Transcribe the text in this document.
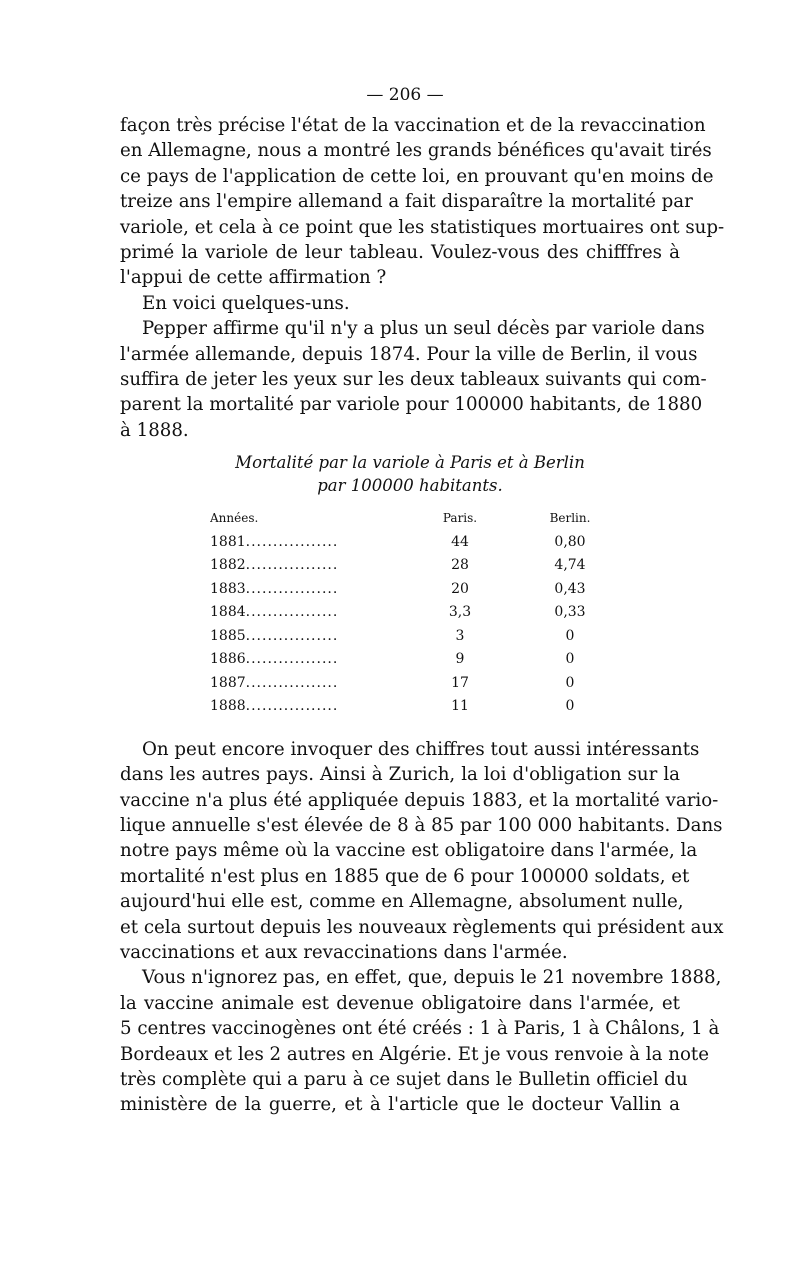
— 206 —

façon très précise l'état de la vaccination et de la revaccination
en Allemagne, nous a montré les grands bénéfices qu'avait tirés
ce pays de l'application de cette loi, en prouvant qu'en moins de
treize ans l'empire allemand a fait disparaître la mortalité par
variole, et cela à ce point que les statistiques mortuaires ont sup-
primé la variole de leur tableau. Voulez-vous des chifffres à
l'appui de cette affirmation ?

En voici quelques-uns.

Pepper affirme qu'il n'y a plus un seul décès par variole dans
l'armée allemande, depuis 1874. Pour la ville de Berlin, il vous
suffira de jeter les yeux sur les deux tableaux suivants qui com-
parent la mortalité par variole pour 100000 habitants, de 1880
à 1888.

Mortalité par la variole à Paris et à Berlin
par 100000 habitants.
Années.	Paris.	Berlin.
1881.................	44	0,80
1882.................	28	4,74
1883.................	20	0,43
1884.................	3,3	0,33
1885.................	3	0
1886.................	9	0
1887.................	17	0
1888.................	11	0

On peut encore invoquer des chiffres tout aussi intéressants
dans les autres pays. Ainsi à Zurich, la loi d'obligation sur la
vaccine n'a plus été appliquée depuis 1883, et la mortalité vario-
lique annuelle s'est élevée de 8 à 85 par 100 000 habitants. Dans
notre pays même où la vaccine est obligatoire dans l'armée, la
mortalité n'est plus en 1885 que de 6 pour 100000 soldats, et
aujourd'hui elle est, comme en Allemagne, absolument nulle,
et cela surtout depuis les nouveaux règlements qui président aux
vaccinations et aux revaccinations dans l'armée.

Vous n'ignorez pas, en effet, que, depuis le 21 novembre 1888,
la vaccine animale est devenue obligatoire dans l'armée, et
5 centres vaccinogènes ont été créés : 1 à Paris, 1 à Châlons, 1 à
Bordeaux et les 2 autres en Algérie. Et je vous renvoie à la note
très complète qui a paru à ce sujet dans le Bulletin officiel du
ministère de la guerre, et à l'article que le docteur Vallin a
